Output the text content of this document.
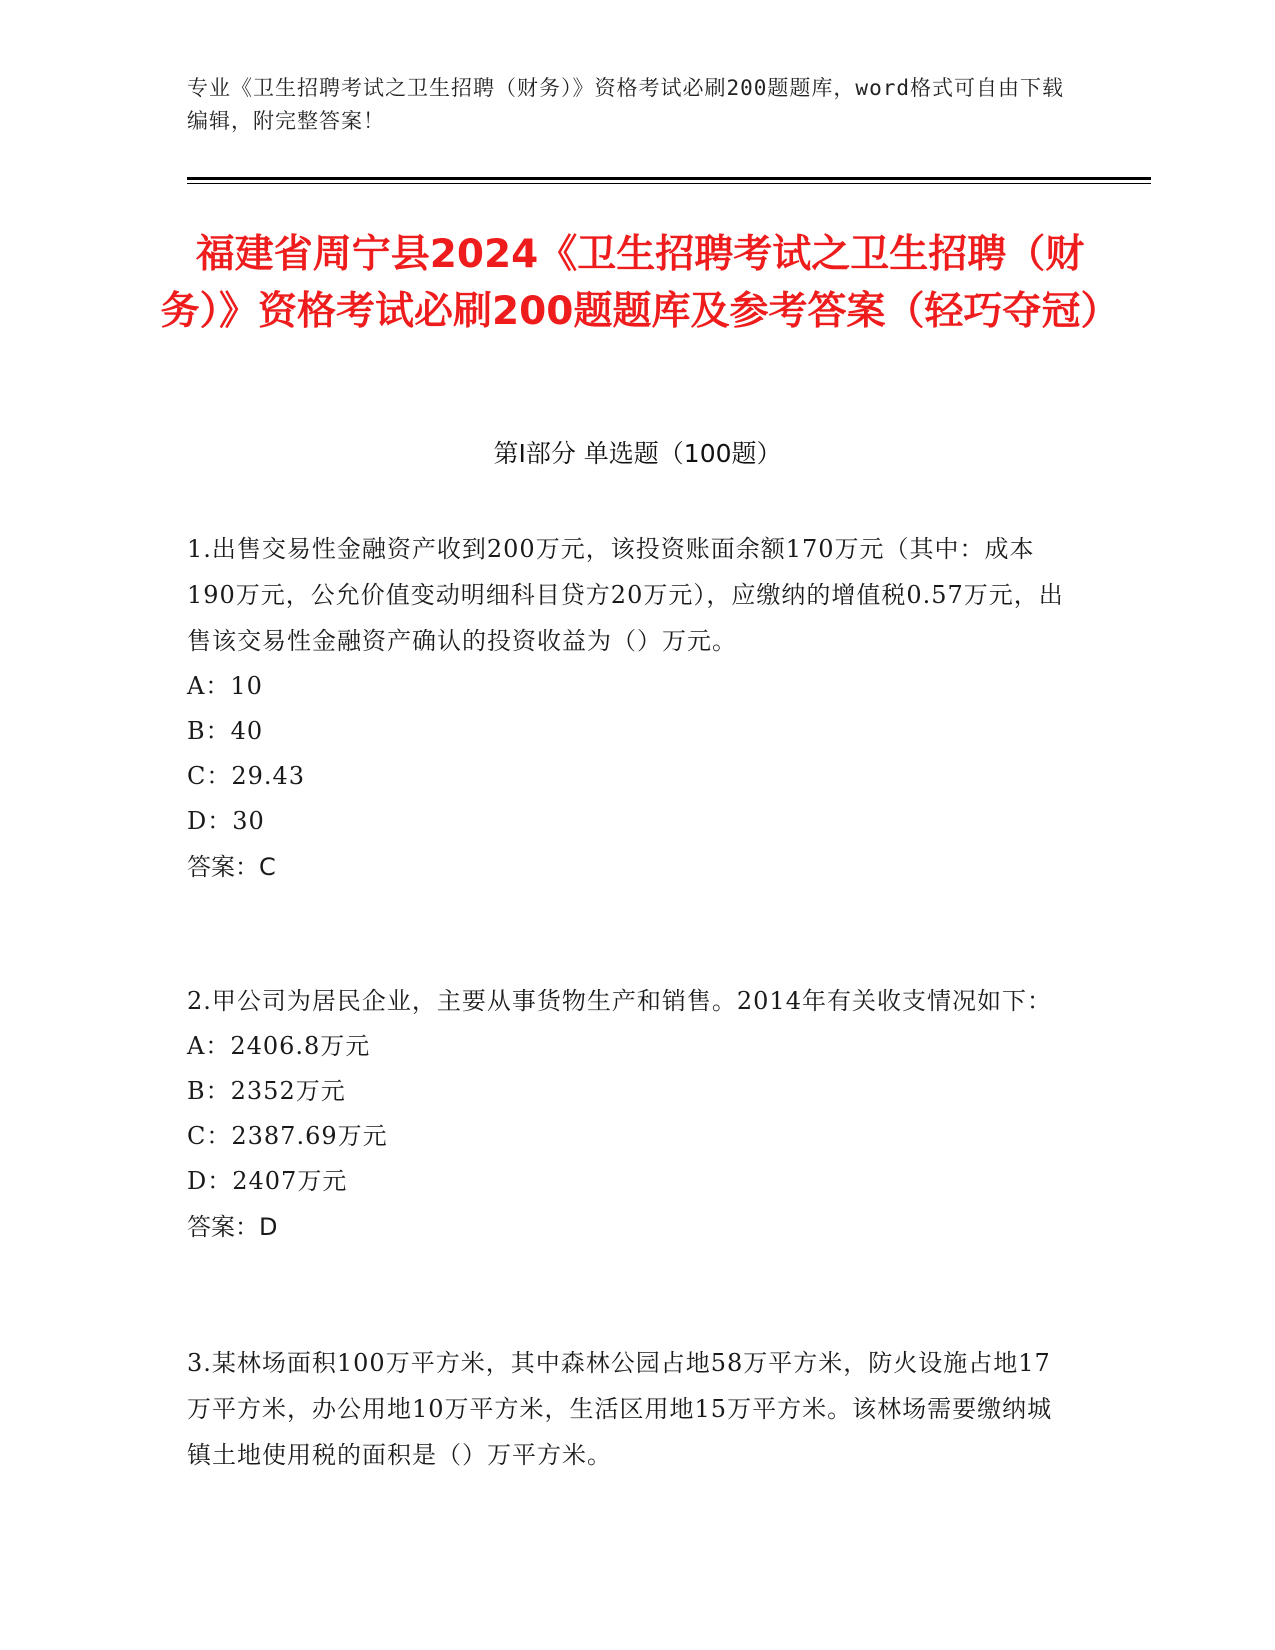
专业《卫生招聘考试之卫生招聘（财务）》资格考试必刷200题题库，word格式可自由下载编辑，附完整答案！
福建省周宁县2024《卫生招聘考试之卫生招聘（财务）》资格考试必刷200题题库及参考答案（轻巧夺冠）
第I部分 单选题（100题）

1.出售交易性金融资产收到200万元，该投资账面余额170万元（其中：成本190万元，公允价值变动明细科目贷方20万元），应缴纳的增值税0.57万元，出售该交易性金融资产确认的投资收益为（）万元。

A：10

B：40

C：29.43

D：30

答案：C

2.甲公司为居民企业，主要从事货物生产和销售。2014年有关收支情况如下：

A：2406.8万元

B：2352万元

C：2387.69万元

D：2407万元

答案：D

3.某林场面积100万平方米，其中森林公园占地58万平方米，防火设施占地17万平方米，办公用地10万平方米，生活区用地15万平方米。该林场需要缴纳城镇土地使用税的面积是（）万平方米。
